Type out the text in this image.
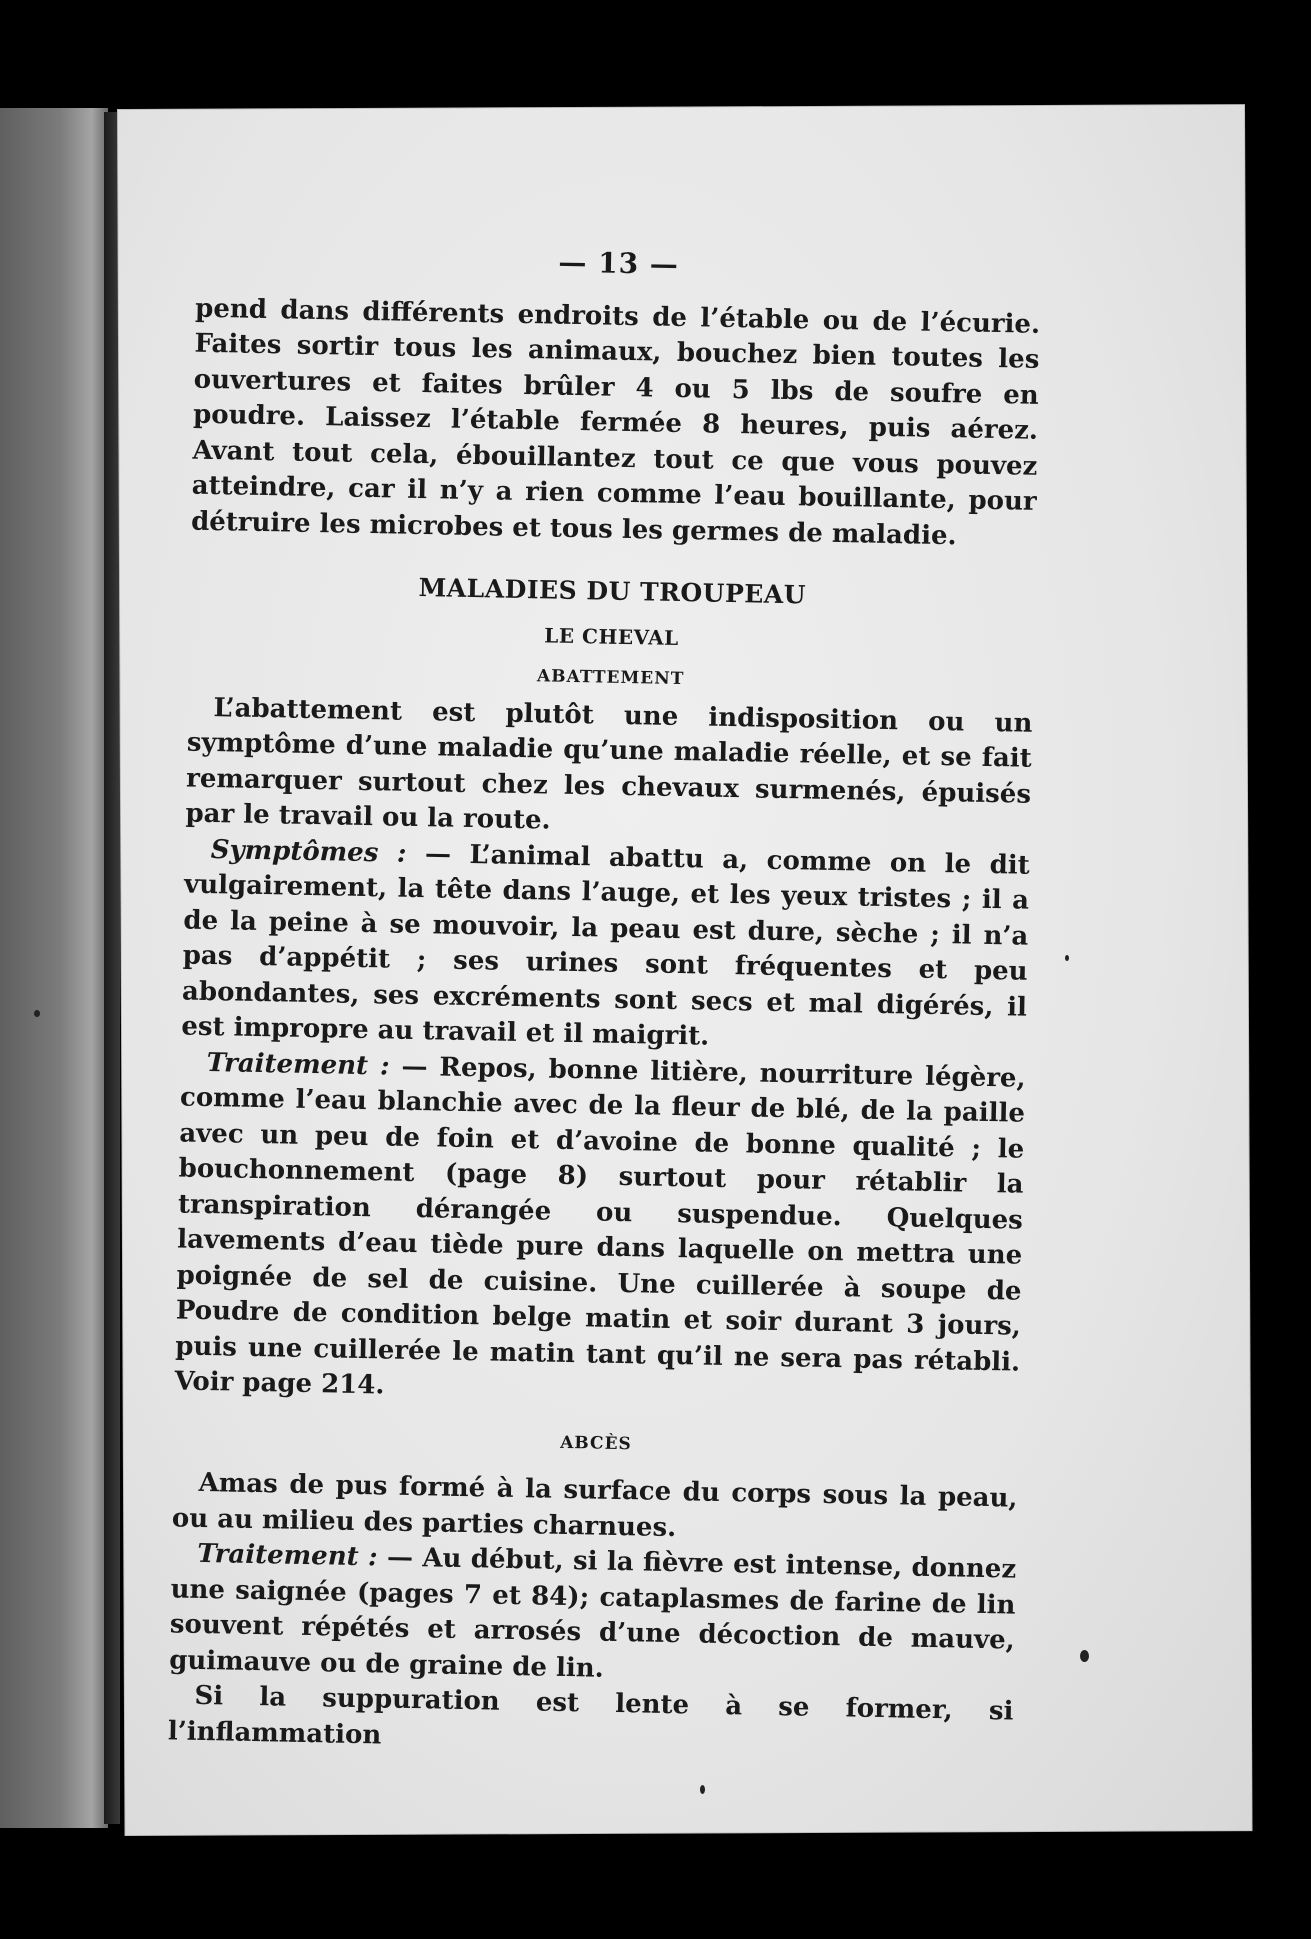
— 13 —

pend dans différents endroits de l’étable ou de l’écurie. Faites sortir tous les animaux, bouchez bien toutes les ouvertures et faites brûler 4 ou 5 lbs de soufre en poudre. Laissez l’étable fermée 8 heures, puis aérez. Avant tout cela, ébouillantez tout ce que vous pouvez atteindre, car il n’y a rien comme l’eau bouillante, pour détruire les microbes et tous les germes de maladie.

MALADIES DU TROUPEAU
LE CHEVAL
ABATTEMENT

L’abattement est plutôt une indisposition ou un symptôme d’une maladie qu’une maladie réelle, et se fait remarquer surtout chez les chevaux surmenés, épuisés par le travail ou la route.

Symptômes : — L’animal abattu a, comme on le dit vulgairement, la tête dans l’auge, et les yeux tristes ; il a de la peine à se mouvoir, la peau est dure, sèche ; il n’a pas d’appétit ; ses urines sont fréquentes et peu abondantes, ses excréments sont secs et mal digérés, il est impropre au travail et il maigrit.

Traitement : — Repos, bonne litière, nourriture légère, comme l’eau blanchie avec de la fleur de blé, de la paille avec un peu de foin et d’avoine de bonne qualité ; le bouchonnement (page 8) surtout pour rétablir la transpiration dérangée ou suspendue. Quelques lavements d’eau tiède pure dans laquelle on mettra une poignée de sel de cuisine. Une cuillerée à soupe de Poudre de condition belge matin et soir durant 3 jours, puis une cuillerée le matin tant qu’il ne sera pas rétabli. Voir page 214.

ABCÈS

Amas de pus formé à la surface du corps sous la peau, ou au milieu des parties charnues.

Traitement : — Au début, si la fièvre est intense, donnez une saignée (pages 7 et 84); cataplasmes de farine de lin souvent répétés et arrosés d’une décoction de mauve, guimauve ou de graine de lin.

Si la suppuration est lente à se former, si l’inflammation
